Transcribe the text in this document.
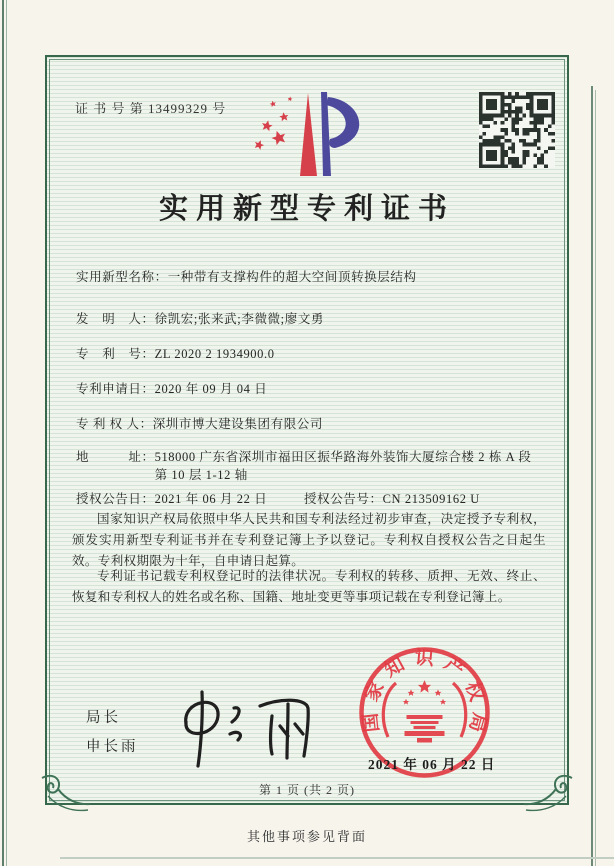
证 书 号 第 13499329 号
实用新型专利证书
实用新型名称：一种带有支撑构件的超大空间顶转换层结构
发　明　人：徐凯宏;张来武;李微微;廖文勇
专　利　号：ZL 2020 2 1934900.0
专利申请日：2020 年 09 月 04 日
专 利 权 人：深圳市博大建设集团有限公司
地　　　址： 518000 广东省深圳市福田区振华路海外装饰大厦综合楼 2 栋 A 段第 10 层 1-12 轴
授权公告日：2021 年 06 月 22 日	授权公告号：CN 213509162 U
国家知识产权局依照中华人民共和国专利法经过初步审查，决定授予专利权，颁发实用新型专利证书并在专利登记簿上予以登记。专利权自授权公告之日起生效。专利权期限为十年，自申请日起算。
专利证书记载专利权登记时的法律状况。专利权的转移、质押、无效、终止、恢复和专利权人的姓名或名称、国籍、地址变更等事项记载在专利登记簿上。
局长
申长雨
国家知识产权局
2021 年 06 月 22 日
第 1 页 (共 2 页)
其他事项参见背面
